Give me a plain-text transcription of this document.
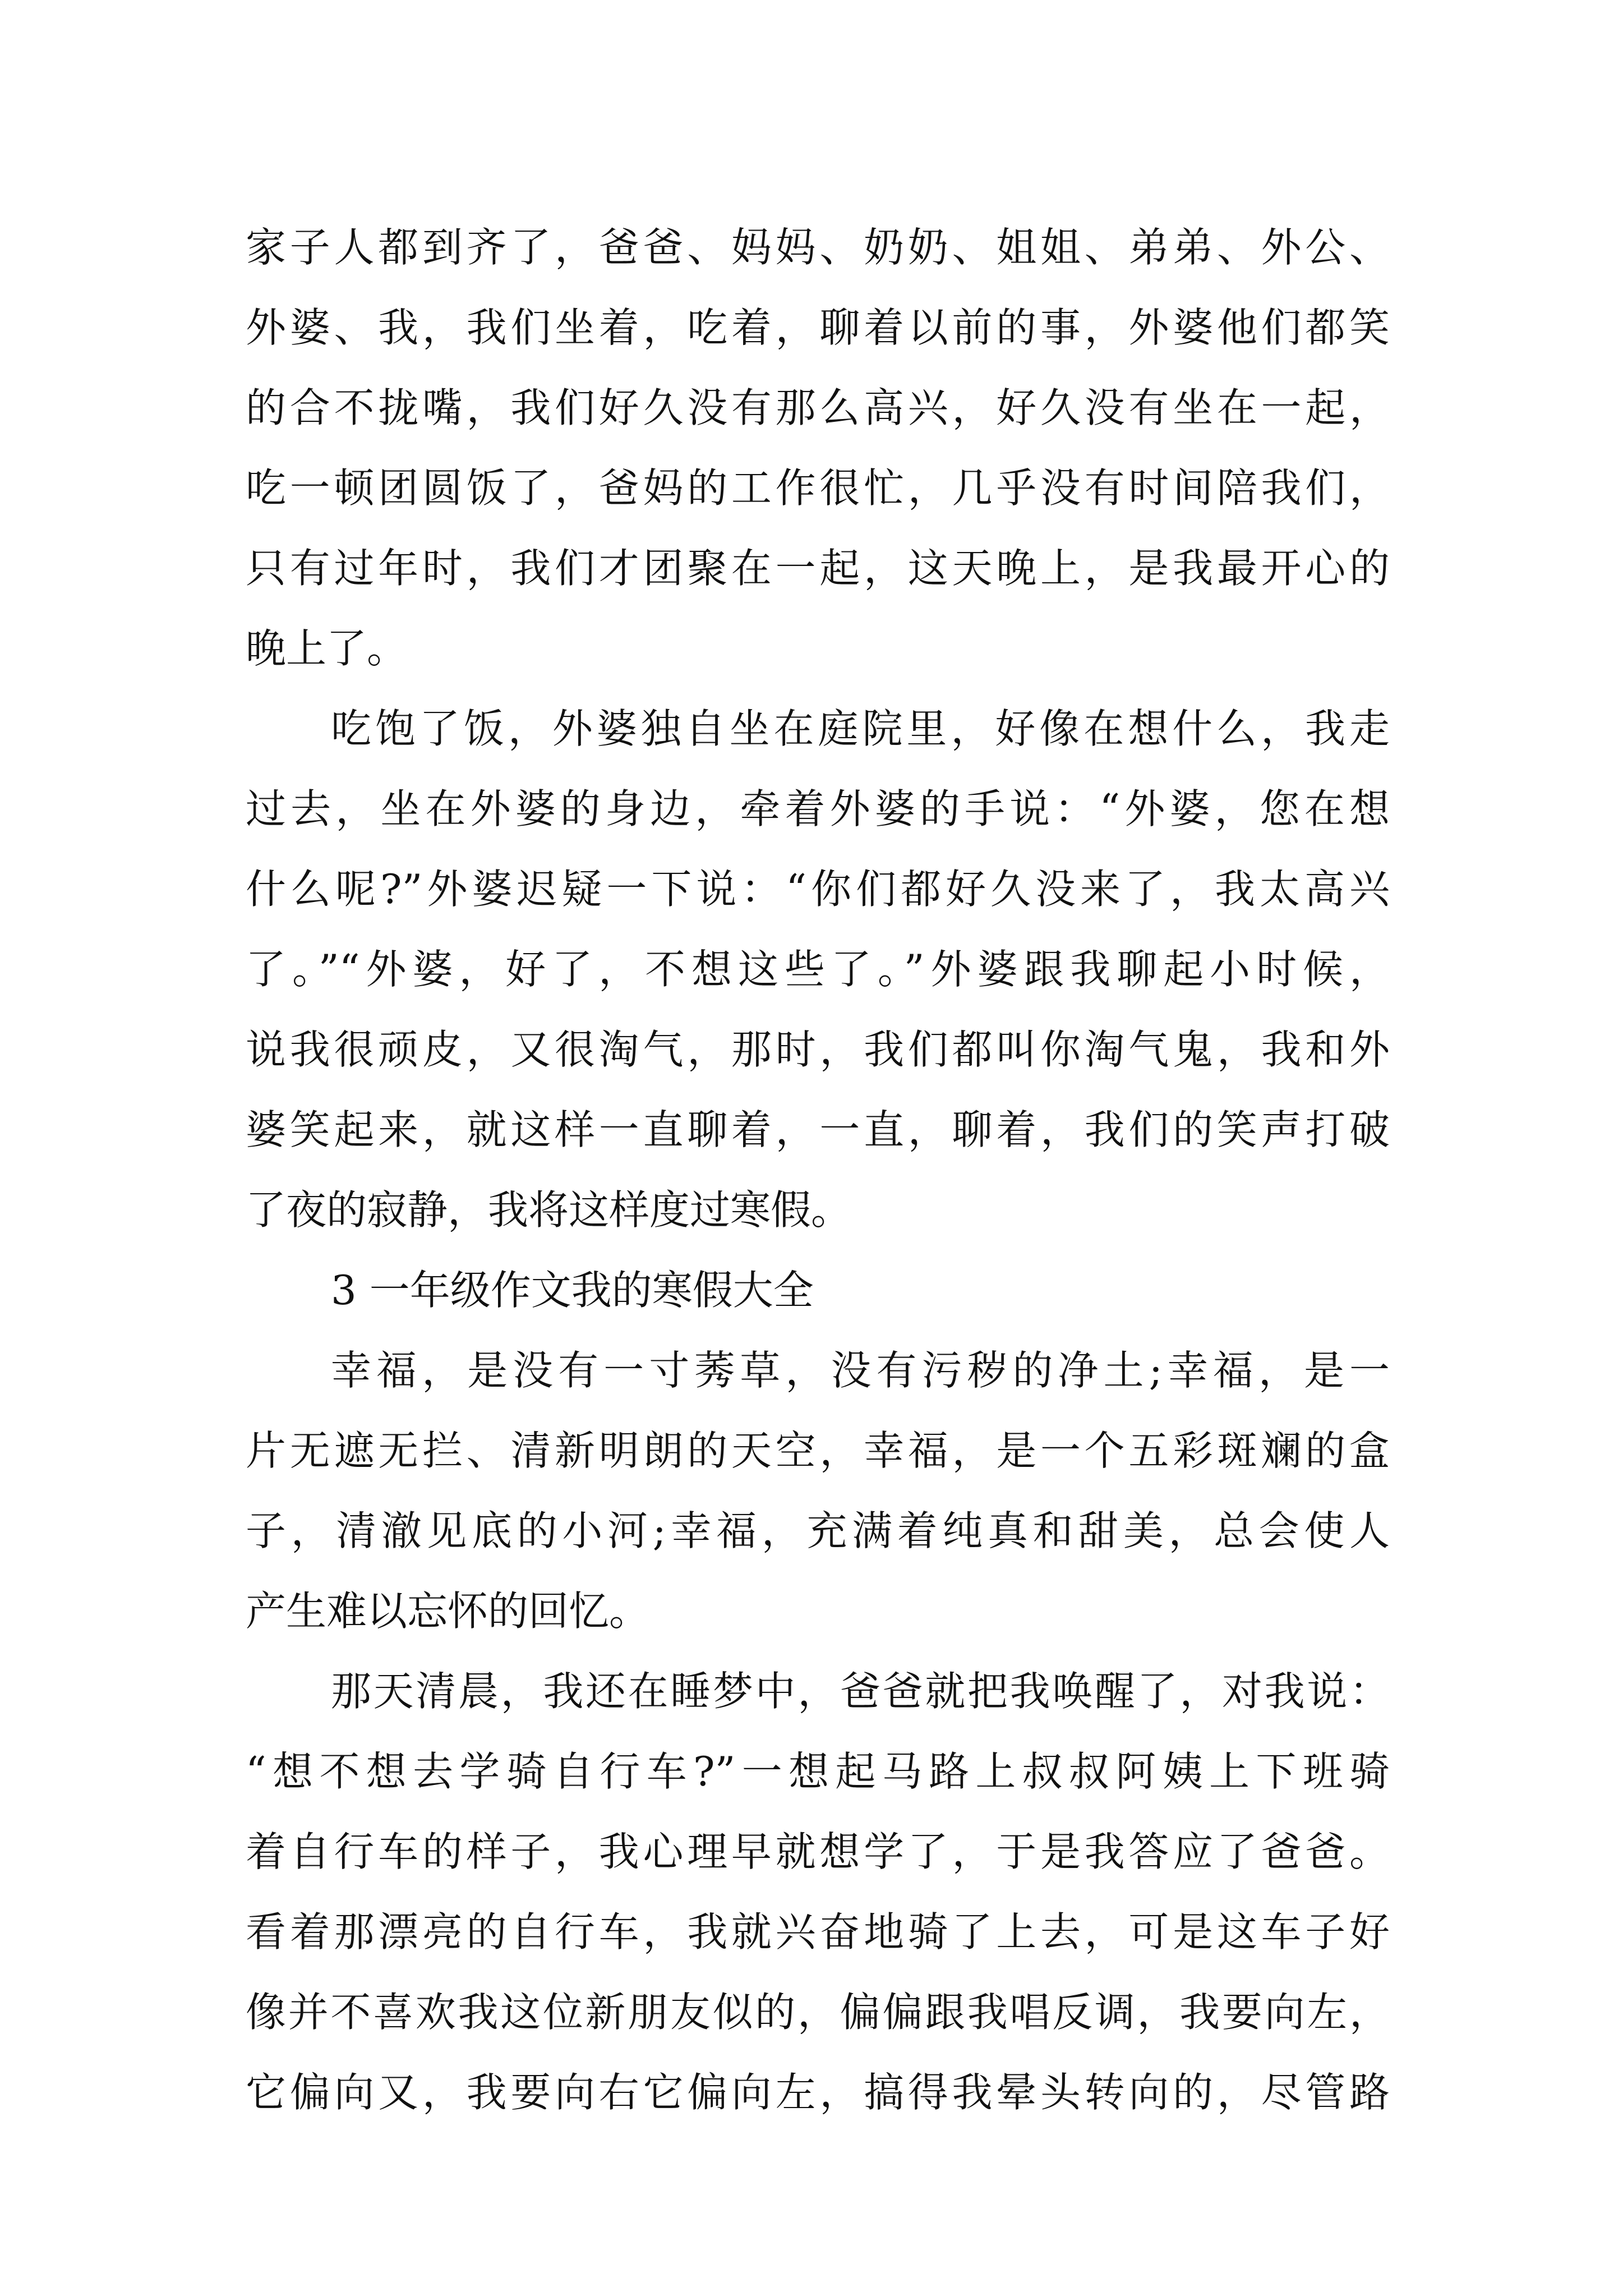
家子人都到齐了，爸爸、妈妈、奶奶、姐姐、弟弟、外公、
外婆、我，我们坐着，吃着，聊着以前的事，外婆他们都笑
的合不拢嘴，我们好久没有那么高兴，好久没有坐在一起，
吃一顿团圆饭了，爸妈的工作很忙，几乎没有时间陪我们，
只有过年时，我们才团聚在一起，这天晚上，是我最开心的
晚上了。
吃饱了饭，外婆独自坐在庭院里，好像在想什么，我走
过去，坐在外婆的身边，牵着外婆的手说：“外婆，您在想
什么呢?”外婆迟疑一下说：“你们都好久没来了，我太高兴
了。”“外婆，好了，不想这些了。”外婆跟我聊起小时候，
说我很顽皮，又很淘气，那时，我们都叫你淘气鬼，我和外
婆笑起来，就这样一直聊着，一直，聊着，我们的笑声打破
了夜的寂静，我将这样度过寒假。
3 一年级作文我的寒假大全
幸福，是没有一寸莠草，没有污秽的净土;幸福，是一
片无遮无拦、清新明朗的天空，幸福，是一个五彩斑斓的盒
子，清澈见底的小河;幸福，充满着纯真和甜美，总会使人
产生难以忘怀的回忆。
那天清晨，我还在睡梦中，爸爸就把我唤醒了，对我说：
“想不想去学骑自行车?”一想起马路上叔叔阿姨上下班骑
着自行车的样子，我心理早就想学了，于是我答应了爸爸。
看着那漂亮的自行车，我就兴奋地骑了上去，可是这车子好
像并不喜欢我这位新朋友似的，偏偏跟我唱反调，我要向左，
它偏向又，我要向右它偏向左，搞得我晕头转向的，尽管路
